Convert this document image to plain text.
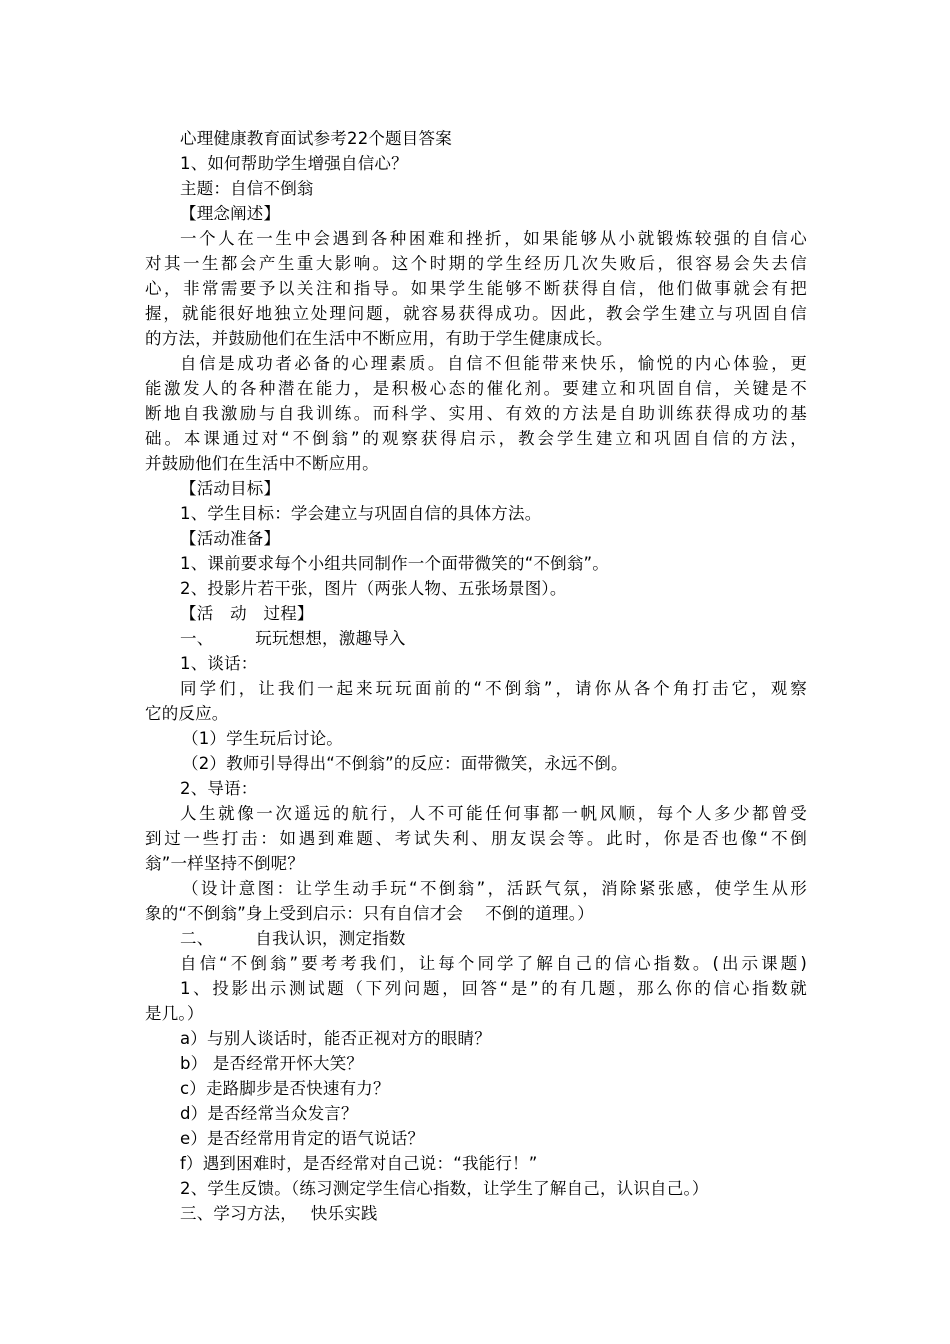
心理健康教育面试参考22个题目答案
1、如何帮助学生增强自信心？
主题：自信不倒翁
【理念阐述】
一个人在一生中会遇到各种困难和挫折，如果能够从小就锻炼较强的自信心
对其一生都会产生重大影响。这个时期的学生经历几次失败后，很容易会失去信
心，非常需要予以关注和指导。如果学生能够不断获得自信，他们做事就会有把
握，就能很好地独立处理问题，就容易获得成功。因此，教会学生建立与巩固自信
的方法，并鼓励他们在生活中不断应用，有助于学生健康成长。
自信是成功者必备的心理素质。自信不但能带来快乐，愉悦的内心体验，更
能激发人的各种潜在能力，是积极心态的催化剂。要建立和巩固自信，关键是不
断地自我激励与自我训练。而科学、实用、有效的方法是自助训练获得成功的基
础。本课通过对“不倒翁”的观察获得启示，教会学生建立和巩固自信的方法，
并鼓励他们在生活中不断应用。
【活动目标】
1、学生目标：学会建立与巩固自信的具体方法。
【活动准备】
1、课前要求每个小组共同制作一个面带微笑的“不倒翁”。
2、投影片若干张，图片（两张人物、五张场景图）。
【活　动　过程】
一、　　　玩玩想想，激趣导入
1、谈话：
同学们，让我们一起来玩玩面前的“不倒翁”，请你从各个角打击它，观察
它的反应。
（1）学生玩后讨论。
（2）教师引导得出“不倒翁”的反应：面带微笑，永远不倒。
2、导语：
人生就像一次遥远的航行，人不可能任何事都一帆风顺，每个人多少都曾受
到过一些打击：如遇到难题、考试失利、朋友误会等。此时，你是否也像“不倒
翁”一样坚持不倒呢？
（设计意图：让学生动手玩“不倒翁”，活跃气氛，消除紧张感，使学生从形
象的“不倒翁”身上受到启示：只有自信才会　 不倒的道理。）
二、　　　自我认识，测定指数
自信“不倒翁”要考考我们，让每个同学了解自己的信心指数。(出示课题)
1、投影出示测试题（下列问题，回答“是”的有几题，那么你的信心指数就
是几。）
a）与别人谈话时，能否正视对方的眼睛？
b） 是否经常开怀大笑？
c）走路脚步是否快速有力？
d）是否经常当众发言？
e）是否经常用肯定的语气说话？
f）遇到困难时，是否经常对自己说：“我能行！”
2、学生反馈。（练习测定学生信心指数，让学生了解自己，认识自己。）
三、学习方法，　 快乐实践
